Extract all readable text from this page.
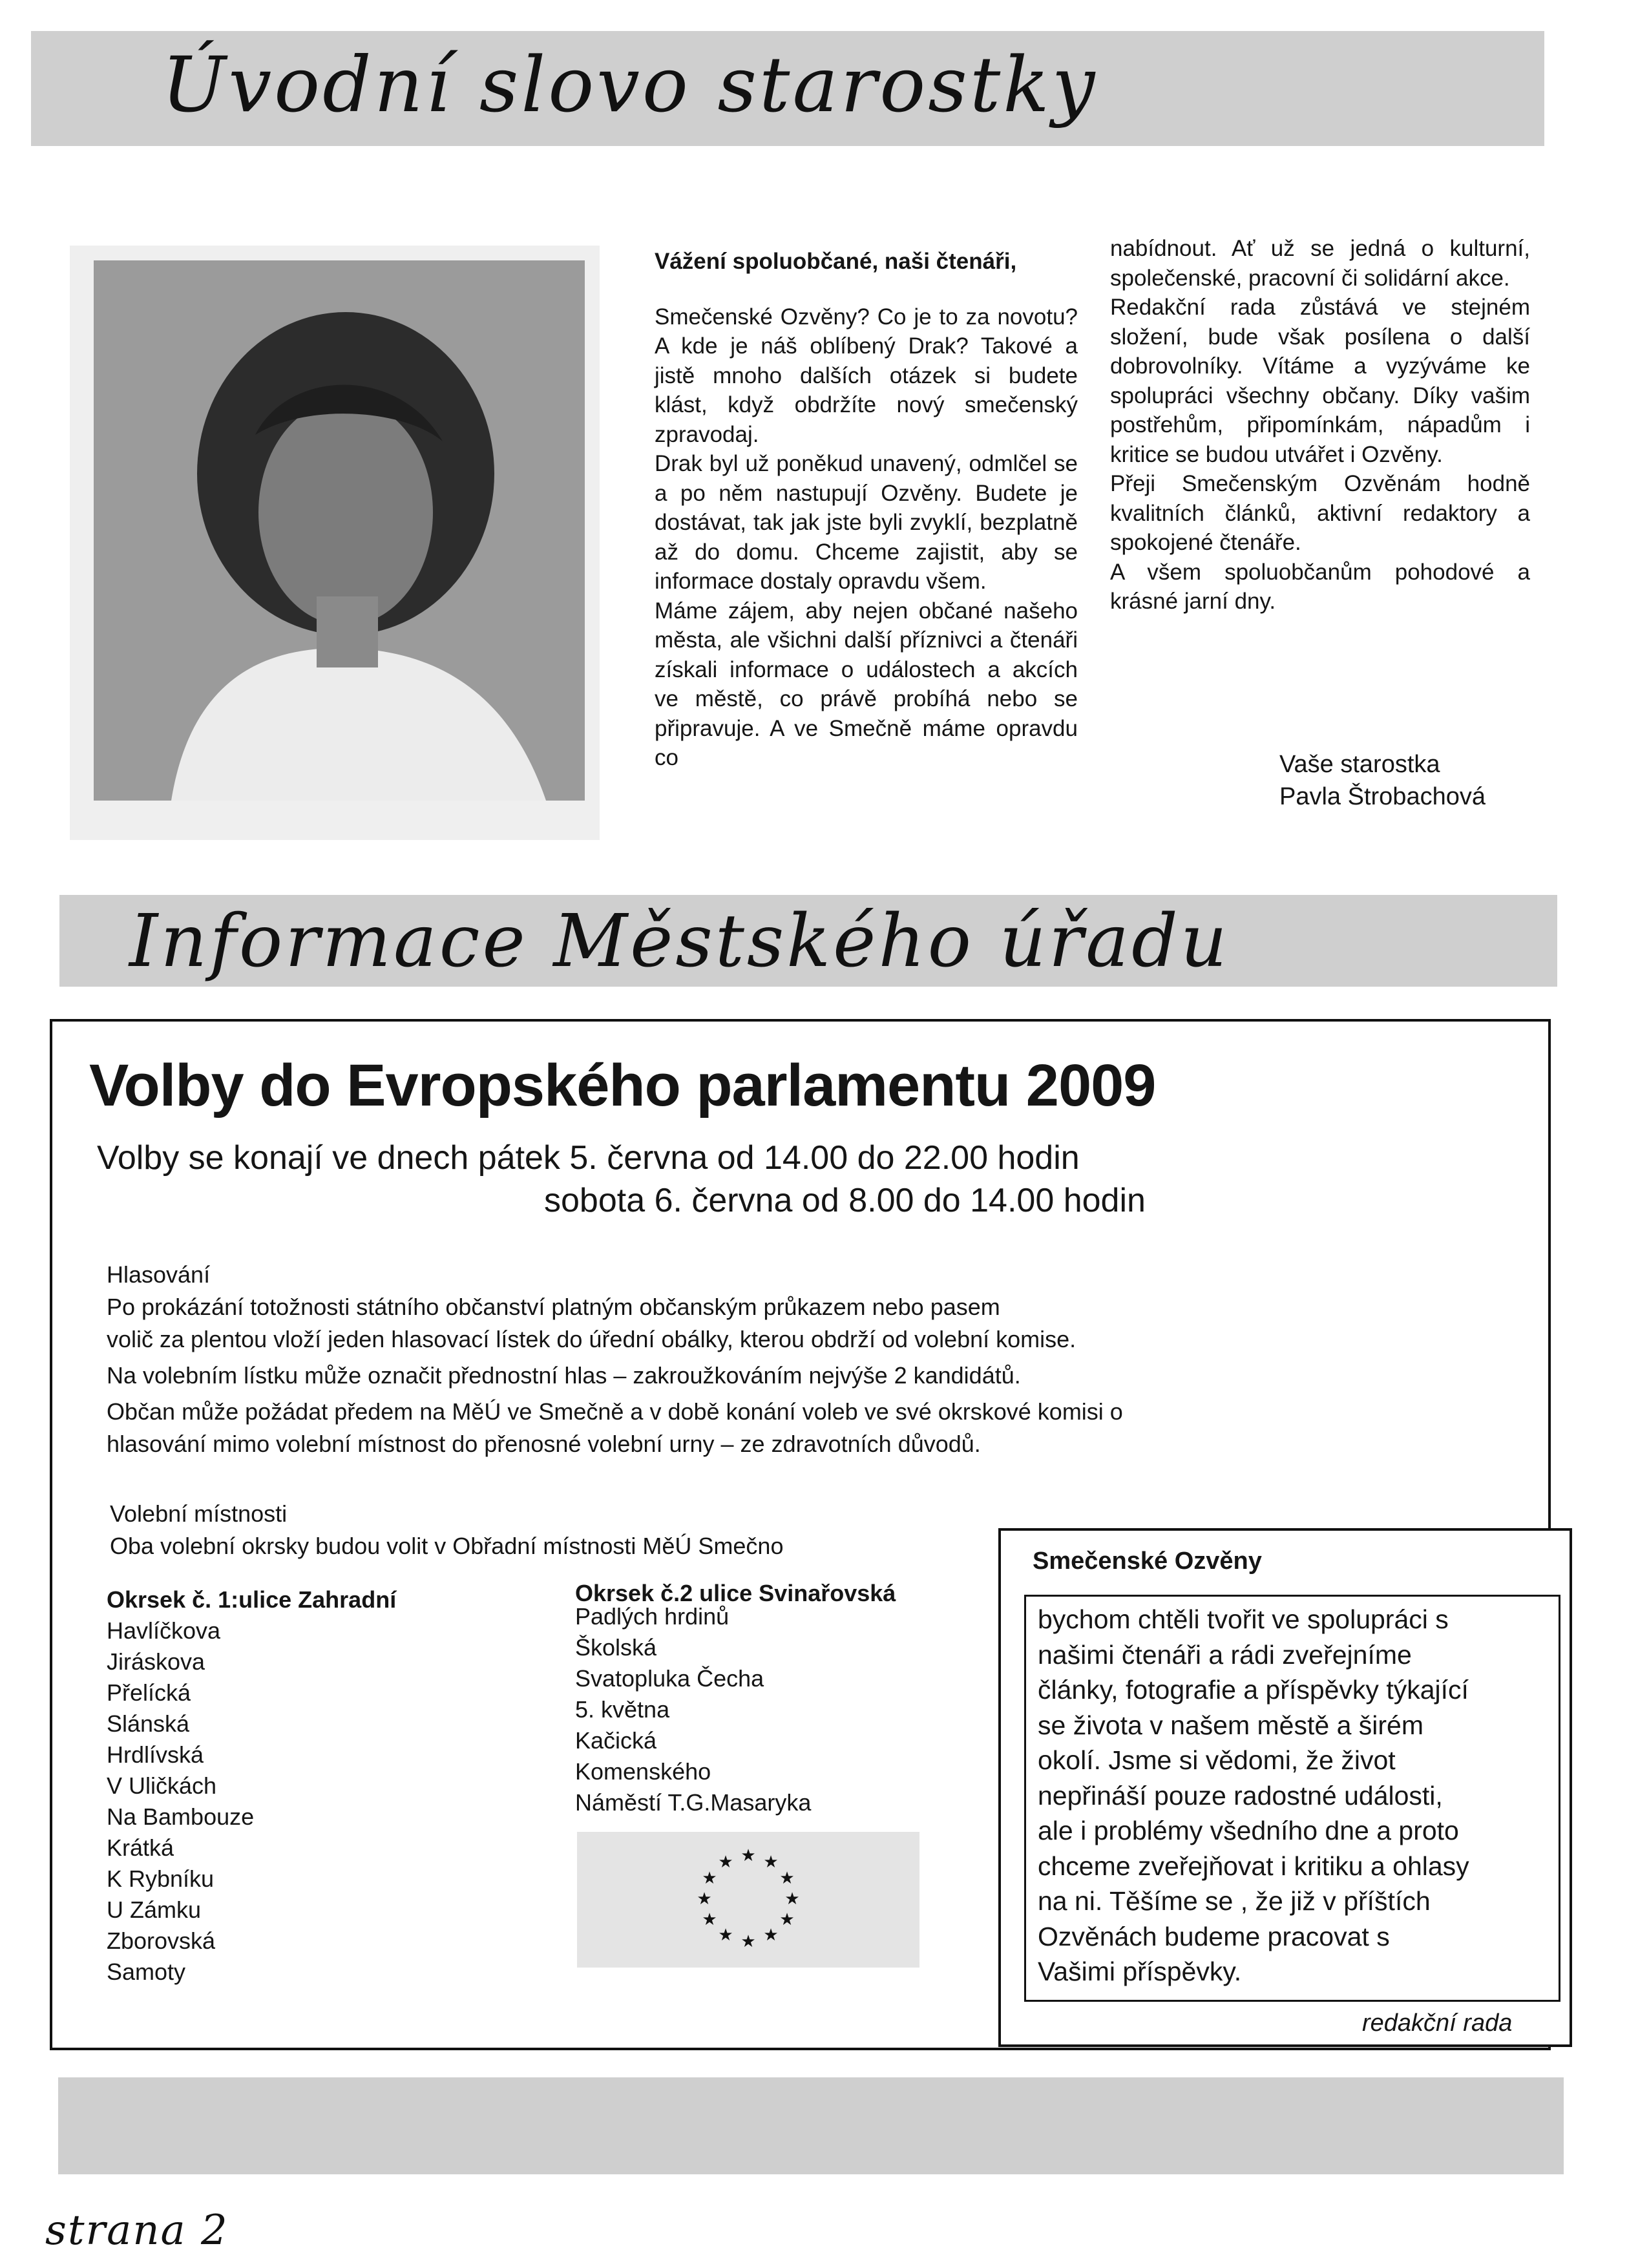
Úvodní slovo starostky

Vážení spoluobčané, naši čtenáři,

Smečenské Ozvěny? Co je to za novotu? A kde je náš oblíbený Drak? Takové a jistě mnoho dalších otázek si budete klást, když obdržíte nový smečenský zpravodaj.

Drak byl už poněkud unavený, odmlčel se a po něm nastupují Ozvěny. Budete je dostávat, tak jak jste byli zvyklí, bezplatně až do domu. Chceme zajistit, aby se informace dostaly opravdu všem.

Máme zájem, aby nejen občané našeho města, ale všichni další příznivci a čtenáři získali informace o událostech a akcích ve městě, co právě probíhá nebo se připravuje. A ve Smečně máme opravdu co

nabídnout. Ať už se jedná o kulturní, společenské, pracovní či solidární akce.

Redakční rada zůstává ve stejném složení, bude však posílena o další dobrovolníky. Vítáme a vyzýváme ke spolupráci všechny občany. Díky vašim postřehům, připomínkám, nápadům i kritice se budou utvářet i Ozvěny.

Přeji Smečenským Ozvěnám hodně kvalitních článků, aktivní redaktory a spokojené čtenáře.

A všem spoluobčanům pohodové a krásné jarní dny.

Vaše starostka
Pavla Štrobachová
Informace Městského úřadu
Volby do Evropského parlamentu 2009
Volby se konají ve dnech pátek 5. června od 14.00 do 22.00 hodin
sobota 6. června od 8.00 do 14.00 hodin

Hlasování

Po prokázání totožnosti státního občanství platným občanským průkazem nebo pasem

volič za plentou vloží jeden hlasovací lístek do úřední obálky, kterou obdrží od volební komise.

Na volebním lístku může označit přednostní hlas – zakroužkováním nejvýše 2 kandidátů.

Občan může požádat předem na MěÚ ve Smečně a v době konání voleb ve své okrskové komisi o

hlasování mimo volební místnost do přenosné volební urny – ze zdravotních důvodů.

Volební místnosti

Oba volební okrsky budou volit v Obřadní místnosti MěÚ Smečno

Okrsek č. 1:ulice Zahradní

Havlíčkova

Jiráskova

Přelícká

Slánská

Hrdlívská

V Uličkách

Na Bambouze

Krátká

K Rybníku

U Zámku

Zborovská

Samoty

Okrsek č.2 ulice Svinařovská

Padlých hrdinů

Školská

Svatopluka Čecha

5. května

Kačická

Komenského

Náměstí T.G.Masaryka

★ ★
★
★
★
★
★
★
★
★
★
★
Smečenské Ozvěny

bychom chtěli tvořit ve spolupráci s

našimi čtenáři a rádi zveřejníme

články, fotografie a příspěvky týkající

se života v našem městě a širém

okolí. Jsme si vědomi, že život

nepřináší pouze radostné události,

ale i problémy všedního dne a proto

chceme zveřejňovat i kritiku a ohlasy

na ni. Těšíme se , že již v příštích

Ozvěnách budeme pracovat s

Vašimi příspěvky.

redakční rada
strana 2
